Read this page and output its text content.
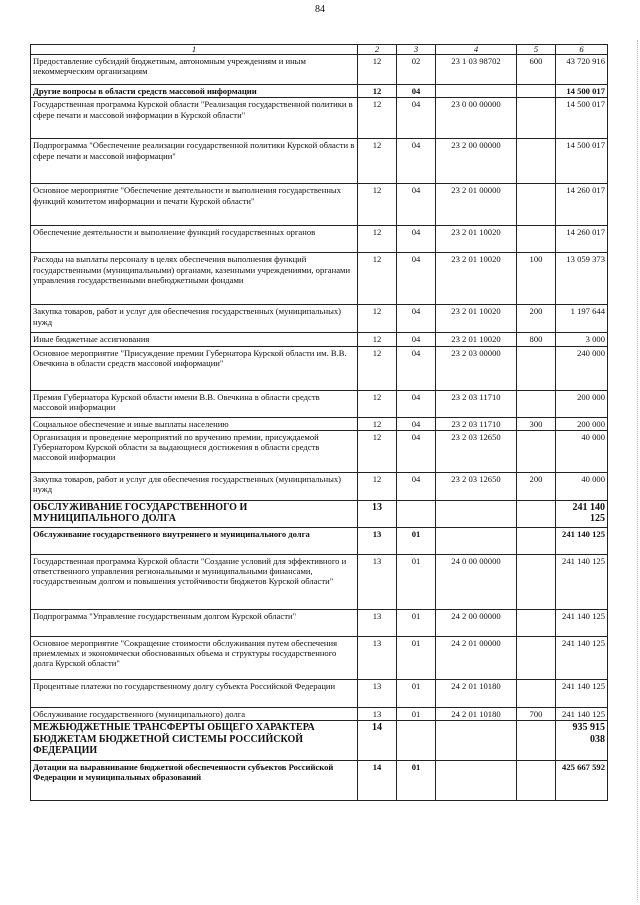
84
1	2	3	4	5	6
Предоставление субсидий бюджетным, автономным учреждениям и иным некоммерческим организациям	12	02	23 1 03 98702	600	43 720 916
Другие вопросы в области средств массовой информации	12	04			14 500 017
Государственная программа Курской области "Реализация государственной политики в сфере печати и массовой информации в Курской области"	12	04	23 0 00 00000		14 500 017
Подпрограмма "Обеспечение реализации государственной политики Курской области в сфере печати и массовой информации"	12	04	23 2 00 00000		14 500 017
Основное мероприятие "Обеспечение деятельности и выполнения государственных функций комитетом информации и печати Курской области"	12	04	23 2 01 00000		14 260 017
Обеспечение деятельности и выполнение функций государственных органов	12	04	23 2 01 10020		14 260 017
Расходы на выплаты персоналу в целях обеспечения выполнения функций государственными (муниципальными) органами, казенными учреждениями, органами управления государственными внебюджетными фондами	12	04	23 2 01 10020	100	13 059 373
Закупка товаров, работ и услуг для обеспечения государственных (муниципальных) нужд	12	04	23 2 01 10020	200	1 197 644
Иные бюджетные ассигнования	12	04	23 2 01 10020	800	3 000
Основное мероприятие "Присуждение премии Губернатора Курской области им. В.В. Овечкина в области средств массовой информации"	12	04	23 2 03 00000		240 000
Премия Губернатора Курской области имени В.В. Овечкина в области средств массовой информации	12	04	23 2 03 11710		200 000
Социальное обеспечение и иные выплаты населению	12	04	23 2 03 11710	300	200 000
Организация и проведение мероприятий по вручению премии, присуждаемой Губернатором Курской области за выдающиеся достижения в области средств массовой информации	12	04	23 2 03 12650		40 000
Закупка товаров, работ и услуг для обеспечения государственных (муниципальных) нужд	12	04	23 2 03 12650	200	40 000
ОБСЛУЖИВАНИЕ ГОСУДАРСТВЕННОГО И МУНИЦИПАЛЬНОГО ДОЛГА	13				241 140 125
Обслуживание государственного внутреннего и муниципального долга	13	01			241 140 125
Государственная программа Курской области "Создание условий для эффективного и ответственного управления региональными и муниципальными финансами, государственным долгом и повышения устойчивости бюджетов Курской области"	13	01	24 0 00 00000		241 140 125
Подпрограмма "Управление государственным долгом Курской области"	13	01	24 2 00 00000		241 140 125
Основное мероприятие "Сокращение стоимости обслуживания путем обеспечения приемлемых и экономически обоснованных объема и структуры государственного долга Курской области"	13	01	24 2 01 00000		241 140 125
Процентные платежи по государственному долгу субъекта Российской Федерации	13	01	24 2 01 10180		241 140 125
Обслуживание государственного (муниципального) долга	13	01	24 2 01 10180	700	241 140 125
МЕЖБЮДЖЕТНЫЕ ТРАНСФЕРТЫ ОБЩЕГО ХАРАКТЕРА БЮДЖЕТАМ БЮДЖЕТНОЙ СИСТЕМЫ РОССИЙСКОЙ ФЕДЕРАЦИИ	14				935 915 038
Дотации на выравнивание бюджетной обеспеченности субъектов Российской Федерации и муниципальных образований	14	01			425 667 592
